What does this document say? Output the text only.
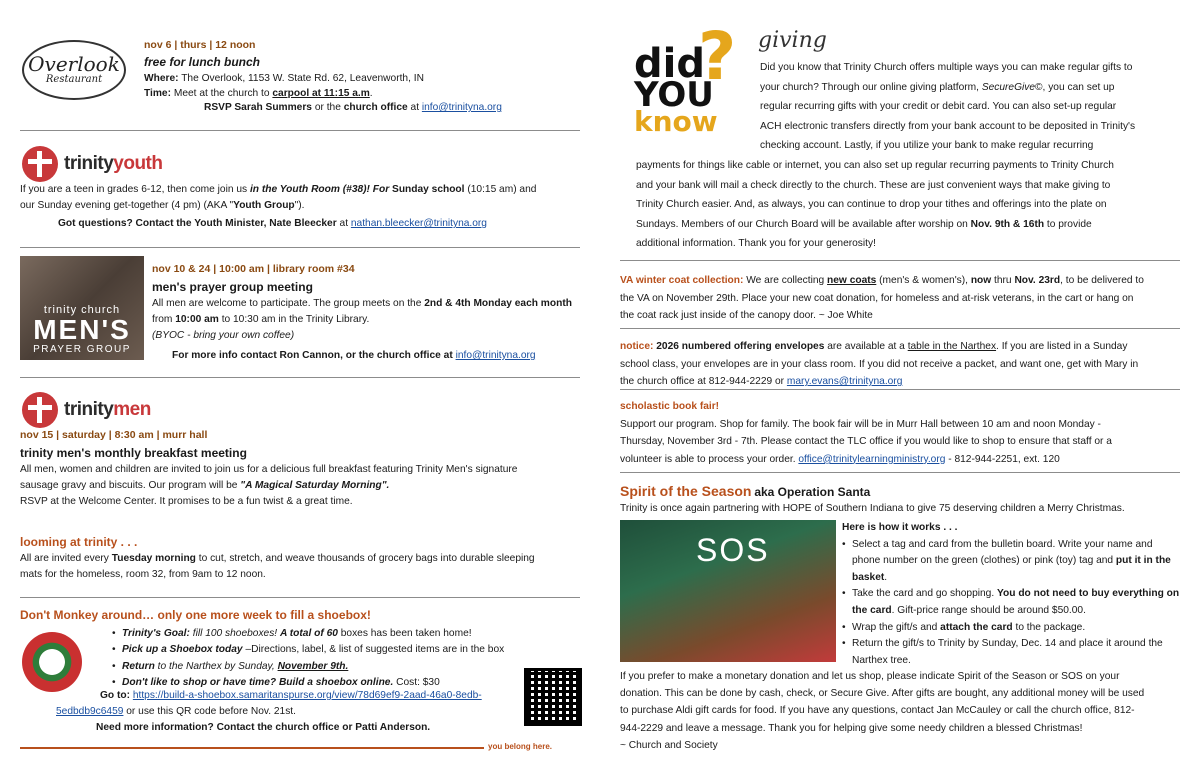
Overlook
Restaurant
nov 6 | thurs | 12 noon
free for lunch bunch

Where: The Overlook, 1153 W. State Rd. 62, Leavenworth, IN

Time: Meet at the church to carpool at 11:15 a.m.

RSVP Sarah Summers or the church office at info@trinityna.org
trinityyouth

If you are a teen in grades 6-12, then come join us in the Youth Room (#38)! For Sunday school (10:15 am) and
our Sunday evening get-together (4 pm) (AKA "Youth Group").

Got questions? Contact the Youth Minister, Nate Bleecker at nathan.bleecker@trinityna.org
trinity church
MEN'S
PRAYER GROUP
nov 10 & 24 | 10:00 am | library room #34
men's prayer group meeting

All men are welcome to participate. The group meets on the 2nd & 4th Monday each month from 10:00 am to 10:30 am in the Trinity Library.

(BYOC - bring your own coffee)

For more info contact Ron Cannon, or the church office at info@trinityna.org
trinitymen
nov 15 | saturday | 8:30 am | murr hall
trinity men's monthly breakfast meeting

All men, women and children are invited to join us for a delicious full breakfast featuring Trinity Men's signature
sausage gravy and biscuits. Our program will be "A Magical Saturday Morning".
RSVP at the Welcome Center. It promises to be a fun twist & a great time.

looming at trinity . . .

All are invited every Tuesday morning to cut, stretch, and weave thousands of grocery bags into durable sleeping
mats for the homeless, room 32, from 9am to 12 noon.

Don't Monkey around… only one more week to fill a shoebox!
• Trinity's Goal: fill 100 shoeboxes! A total of 60 boxes has been taken home!
• Pick up a Shoebox today –Directions, label, & list of suggested items are in the box
• Return to the Narthex by Sunday, November 9th.
• Don't like to shop or have time? Build a shoebox online. Cost: $30
Go to: https://build-a-shoebox.samaritanspurse.org/view/78d69ef9-2aad-46a0-8edb-
5edbdb9c6459 or use this QR code before Nov. 21st.
Need more information? Contact the church office or Patti Anderson.
you belong here.
?
did
YOU
know
giving
Did you know that Trinity Church offers multiple ways you can make regular gifts to
your church? Through our online giving platform, SecureGive©, you can set up
regular recurring gifts with your credit or debit card. You can also set-up regular
ACH electronic transfers directly from your bank account to be deposited in Trinity's
checking account. Lastly, if you utilize your bank to make regular recurring
payments for things like cable or internet, you can also set up regular recurring payments to Trinity Church
and your bank will mail a check directly to the church. These are just convenient ways that make giving to
Trinity Church easier. And, as always, you can continue to drop your tithes and offerings into the plate on
Sundays. Members of our Church Board will be available after worship on Nov. 9th & 16th to provide
additional information. Thank you for your generosity!
VA winter coat collection: We are collecting new coats (men's & women's), now thru Nov. 23rd, to be delivered to
the VA on November 29th. Place your new coat donation, for homeless and at-risk veterans, in the cart or hang on
the coat rack just inside of the canopy door. ~ Joe White
notice: 2026 numbered offering envelopes are available at a table in the Narthex. If you are listed in a Sunday
school class, your envelopes are in your class room. If you did not receive a packet, and want one, get with Mary in
the church office at 812-944-2229 or mary.evans@trinityna.org
scholastic book fair!
Support our program. Shop for family. The book fair will be in Murr Hall between 10 am and noon Monday -
Thursday, November 3rd - 7th. Please contact the TLC office if you would like to shop to ensure that staff or a
volunteer is able to process your order. office@trinitylearningministry.org - 812-944-2251, ext. 120
Spirit of the Season aka Operation Santa
Trinity is once again partnering with HOPE of Southern Indiana to give 75 deserving children a Merry Christmas.
SOS
Here is how it works . . .
• Select a tag and card from the bulletin board. Write your name and phone number on the green (clothes) or pink (toy) tag and put it in the basket.
• Take the card and go shopping. You do not need to buy everything on the card. Gift-price range should be around $50.00.
• Wrap the gift/s and attach the card to the package.
• Return the gift/s to Trinity by Sunday, Dec. 14 and place it around the Narthex tree.
If you prefer to make a monetary donation and let us shop, please indicate Spirit of the Season or SOS on your
donation. This can be done by cash, check, or Secure Give. After gifts are bought, any additional money will be used
to purchase Aldi gift cards for food. If you have any questions, contact Jan McCauley or call the church office, 812-
944-2229 and leave a message. Thank you for helping give some needy children a blessed Christmas!
~ Church and Society
